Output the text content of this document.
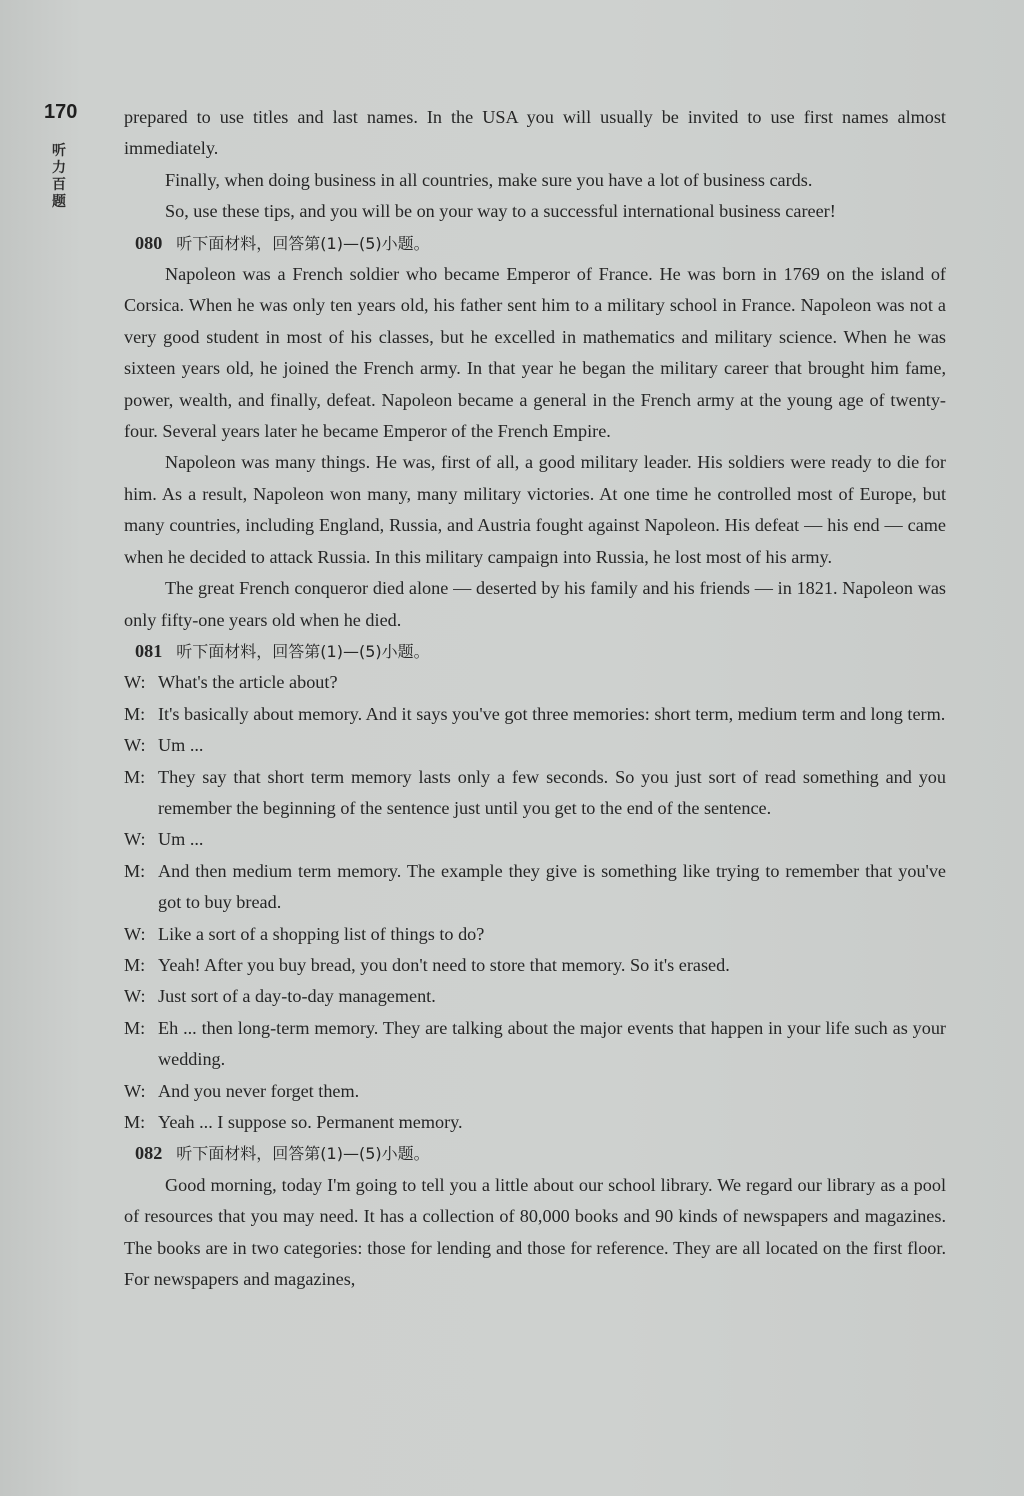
170
听力百题

prepared to use titles and last names. In the USA you will usually be invited to use first names almost immediately.

Finally, when doing business in all countries, make sure you have a lot of business cards.

So, use these tips, and you will be on your way to a successful international business career!

080 听下面材料，回答第(1)—(5)小题。

Napoleon was a French soldier who became Emperor of France. He was born in 1769 on the island of Corsica. When he was only ten years old, his father sent him to a military school in France. Napoleon was not a very good student in most of his classes, but he excelled in mathematics and military science. When he was sixteen years old, he joined the French army. In that year he began the military career that brought him fame, power, wealth, and finally, defeat. Napoleon became a general in the French army at the young age of twenty-four. Several years later he became Emperor of the French Empire.

Napoleon was many things. He was, first of all, a good military leader. His soldiers were ready to die for him. As a result, Napoleon won many, many military victories. At one time he controlled most of Europe, but many countries, including England, Russia, and Austria fought against Napoleon. His defeat — his end — came when he decided to attack Russia. In this military campaign into Russia, he lost most of his army.

The great French conqueror died alone — deserted by his family and his friends — in 1821. Napoleon was only fifty-one years old when he died.

081 听下面材料，回答第(1)—(5)小题。

W: What's the article about?

M: It's basically about memory. And it says you've got three memories: short term, medium term and long term.

W: Um ...

M: They say that short term memory lasts only a few seconds. So you just sort of read something and you remember the beginning of the sentence just until you get to the end of the sentence.

W: Um ...

M: And then medium term memory. The example they give is something like trying to remember that you've got to buy bread.

W: Like a sort of a shopping list of things to do?

M: Yeah! After you buy bread, you don't need to store that memory. So it's erased.

W: Just sort of a day-to-day management.

M: Eh ... then long-term memory. They are talking about the major events that happen in your life such as your wedding.

W: And you never forget them.

M: Yeah ... I suppose so. Permanent memory.

082 听下面材料，回答第(1)—(5)小题。

Good morning, today I'm going to tell you a little about our school library. We regard our library as a pool of resources that you may need. It has a collection of 80,000 books and 90 kinds of newspapers and magazines. The books are in two categories: those for lending and those for reference. They are all located on the first floor. For newspapers and magazines,
